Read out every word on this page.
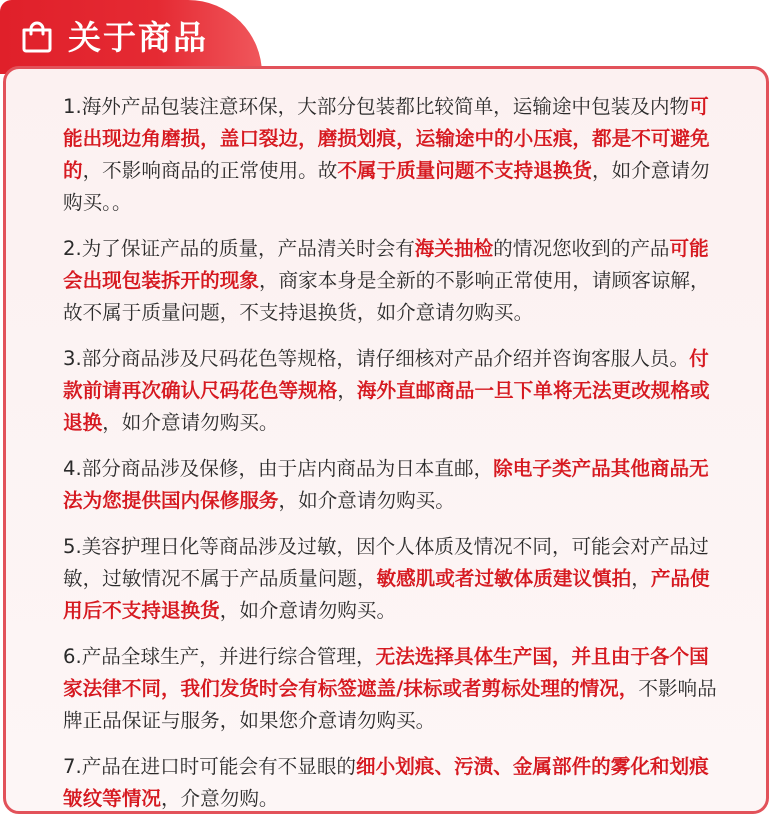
关于商品

1.海外产品包装注意环保，大部分包装都比较简单，运输途中包装及内物可能出现边角磨损，盖口裂边，磨损划痕，运输途中的小压痕，都是不可避免的，不影响商品的正常使用。故不属于质量问题不支持退换货，如介意请勿购买。。

2.为了保证产品的质量，产品清关时会有海关抽检的情况您收到的产品可能会出现包装拆开的现象，商家本身是全新的不影响正常使用，请顾客谅解，故不属于质量问题，不支持退换货，如介意请勿购买。

3.部分商品涉及尺码花色等规格，请仔细核对产品介绍并咨询客服人员。付款前请再次确认尺码花色等规格，海外直邮商品一旦下单将无法更改规格或退换，如介意请勿购买。

4.部分商品涉及保修，由于店内商品为日本直邮，除电子类产品其他商品无法为您提供国内保修服务，如介意请勿购买。

5.美容护理日化等商品涉及过敏，因个人体质及情况不同，可能会对产品过敏，过敏情况不属于产品质量问题，敏感肌或者过敏体质建议慎拍，产品使用后不支持退换货，如介意请勿购买。

6.产品全球生产，并进行综合管理，无法选择具体生产国，并且由于各个国家法律不同，我们发货时会有标签遮盖/抹标或者剪标处理的情况，不影响品牌正品保证与服务，如果您介意请勿购买。

7.产品在进口时可能会有不显眼的细小划痕、污渍、金属部件的雾化和划痕皱纹等情况，介意勿购。
